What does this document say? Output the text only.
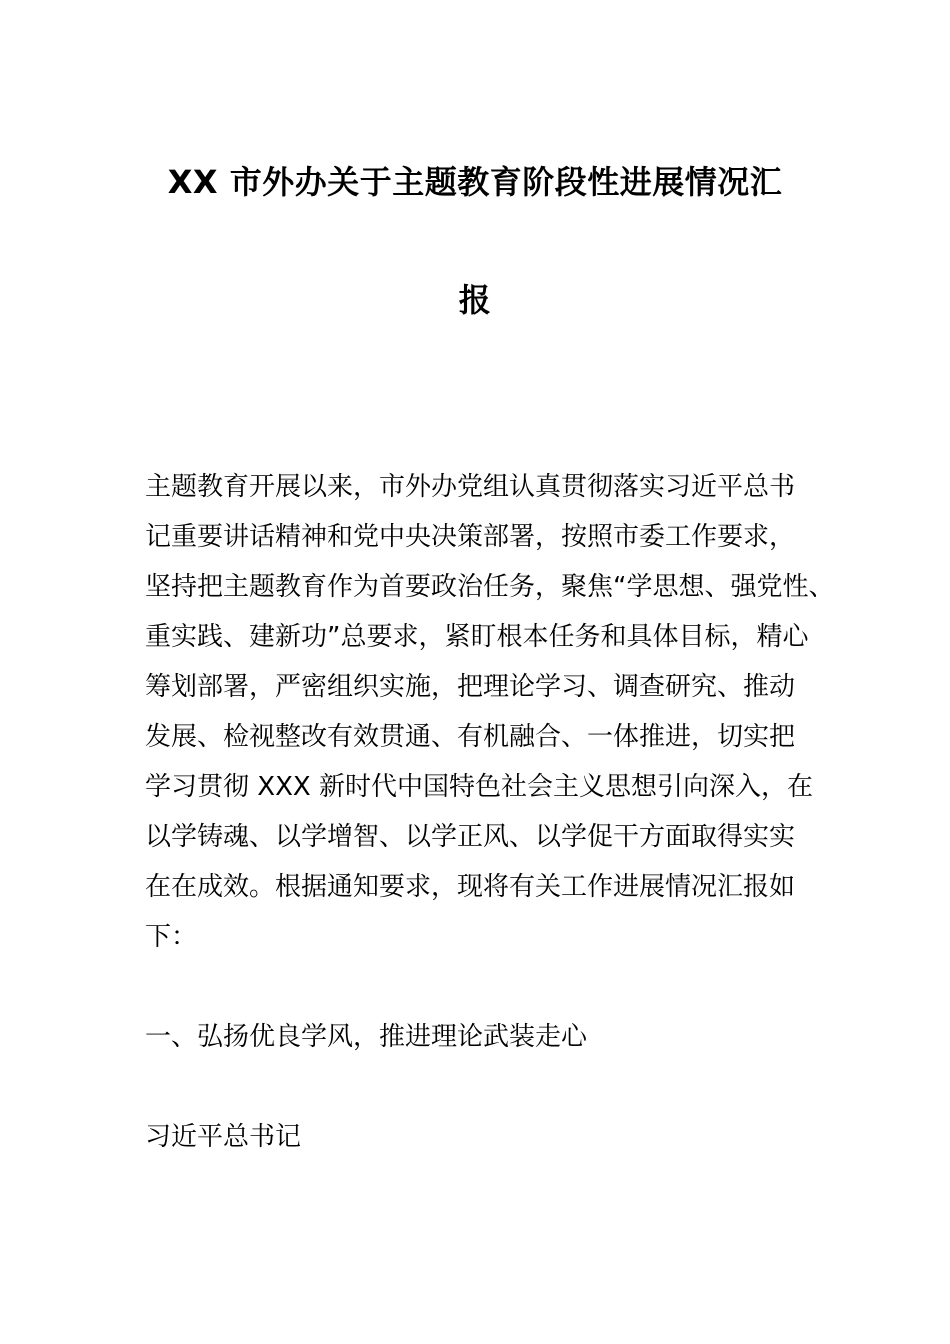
XX 市外办关于主题教育阶段性进展情况汇
报
主题教育开展以来，市外办党组认真贯彻落实习近平总书
记重要讲话精神和党中央决策部署，按照市委工作要求，
坚持把主题教育作为首要政治任务，聚焦“学思想、强党性、
重实践、建新功”总要求，紧盯根本任务和具体目标，精心
筹划部署，严密组织实施，把理论学习、调查研究、推动
发展、检视整改有效贯通、有机融合、一体推进，切实把
学习贯彻 XXX 新时代中国特色社会主义思想引向深入，在
以学铸魂、以学增智、以学正风、以学促干方面取得实实
在在成效。根据通知要求，现将有关工作进展情况汇报如
下：
一、弘扬优良学风，推进理论武装走心
习近平总书记
